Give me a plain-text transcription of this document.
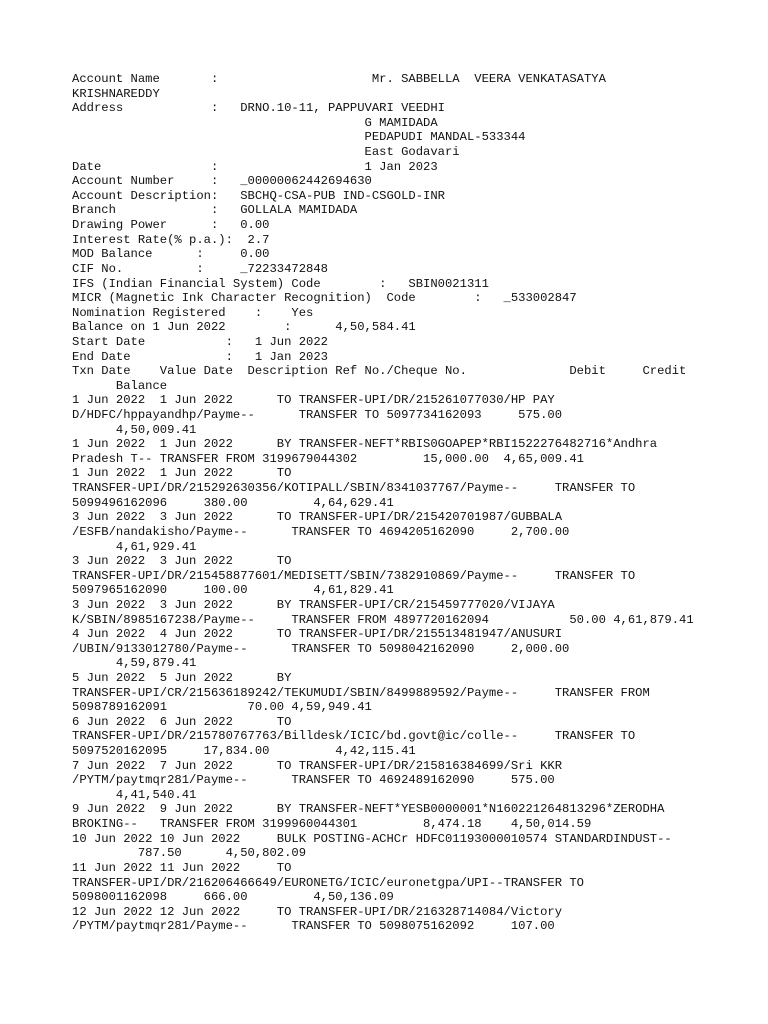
Account Name       :                     Mr. SABBELLA  VEERA VENKATASATYA
KRISHNAREDDY
Address            :   DRNO.10-11, PAPPUVARI VEEDHI
G MAMIDADA
PEDAPUDI MANDAL-533344
East Godavari
Date               :                    1 Jan 2023
Account Number     :   _00000062442694630
Account Description:   SBCHQ-CSA-PUB IND-CSGOLD-INR
Branch             :   GOLLALA MAMIDADA
Drawing Power      :   0.00
Interest Rate(% p.a.):  2.7
MOD Balance      :     0.00
CIF No.          :     _72233472848
IFS (Indian Financial System) Code        :   SBIN0021311
MICR (Magnetic Ink Character Recognition)  Code        :   _533002847
Nomination Registered    :    Yes
Balance on 1 Jun 2022        :      4,50,584.41
Start Date           :   1 Jun 2022
End Date             :   1 Jan 2023
Txn Date    Value Date  Description Ref No./Cheque No.              Debit     Credit
Balance
1 Jun 2022  1 Jun 2022      TO TRANSFER-UPI/DR/215261077030/HP PAY
D/HDFC/hppayandhp/Payme--      TRANSFER TO 5097734162093     575.00
4,50,009.41
1 Jun 2022  1 Jun 2022      BY TRANSFER-NEFT*RBIS0GOAPEP*RBI1522276482716*Andhra
Pradesh T-- TRANSFER FROM 3199679044302         15,000.00  4,65,009.41
1 Jun 2022  1 Jun 2022      TO
TRANSFER-UPI/DR/215292630356/KOTIPALL/SBIN/8341037767/Payme--     TRANSFER TO
5099496162096     380.00         4,64,629.41
3 Jun 2022  3 Jun 2022      TO TRANSFER-UPI/DR/215420701987/GUBBALA
/ESFB/nandakisho/Payme--      TRANSFER TO 4694205162090     2,700.00
4,61,929.41
3 Jun 2022  3 Jun 2022      TO
TRANSFER-UPI/DR/215458877601/MEDISETT/SBIN/7382910869/Payme--     TRANSFER TO
5097965162090     100.00         4,61,829.41
3 Jun 2022  3 Jun 2022      BY TRANSFER-UPI/CR/215459777020/VIJAYA
K/SBIN/8985167238/Payme--     TRANSFER FROM 4897720162094           50.00 4,61,879.41
4 Jun 2022  4 Jun 2022      TO TRANSFER-UPI/DR/215513481947/ANUSURI
/UBIN/9133012780/Payme--      TRANSFER TO 5098042162090     2,000.00
4,59,879.41
5 Jun 2022  5 Jun 2022      BY
TRANSFER-UPI/CR/215636189242/TEKUMUDI/SBIN/8499889592/Payme--     TRANSFER FROM
5098789162091           70.00 4,59,949.41
6 Jun 2022  6 Jun 2022      TO
TRANSFER-UPI/DR/215780767763/Billdesk/ICIC/bd.govt@ic/colle--     TRANSFER TO
5097520162095     17,834.00         4,42,115.41
7 Jun 2022  7 Jun 2022      TO TRANSFER-UPI/DR/215816384699/Sri KKR
/PYTM/paytmqr281/Payme--      TRANSFER TO 4692489162090     575.00
4,41,540.41
9 Jun 2022  9 Jun 2022      BY TRANSFER-NEFT*YESB0000001*N160221264813296*ZERODHA
BROKING--   TRANSFER FROM 3199960044301         8,474.18    4,50,014.59
10 Jun 2022 10 Jun 2022     BULK POSTING-ACHCr HDFC01193000010574 STANDARDINDUST--
787.50      4,50,802.09
11 Jun 2022 11 Jun 2022     TO
TRANSFER-UPI/DR/216206466649/EURONETG/ICIC/euronetgpa/UPI--TRANSFER TO
5098001162098     666.00         4,50,136.09
12 Jun 2022 12 Jun 2022     TO TRANSFER-UPI/DR/216328714084/Victory
/PYTM/paytmqr281/Payme--      TRANSFER TO 5098075162092     107.00
